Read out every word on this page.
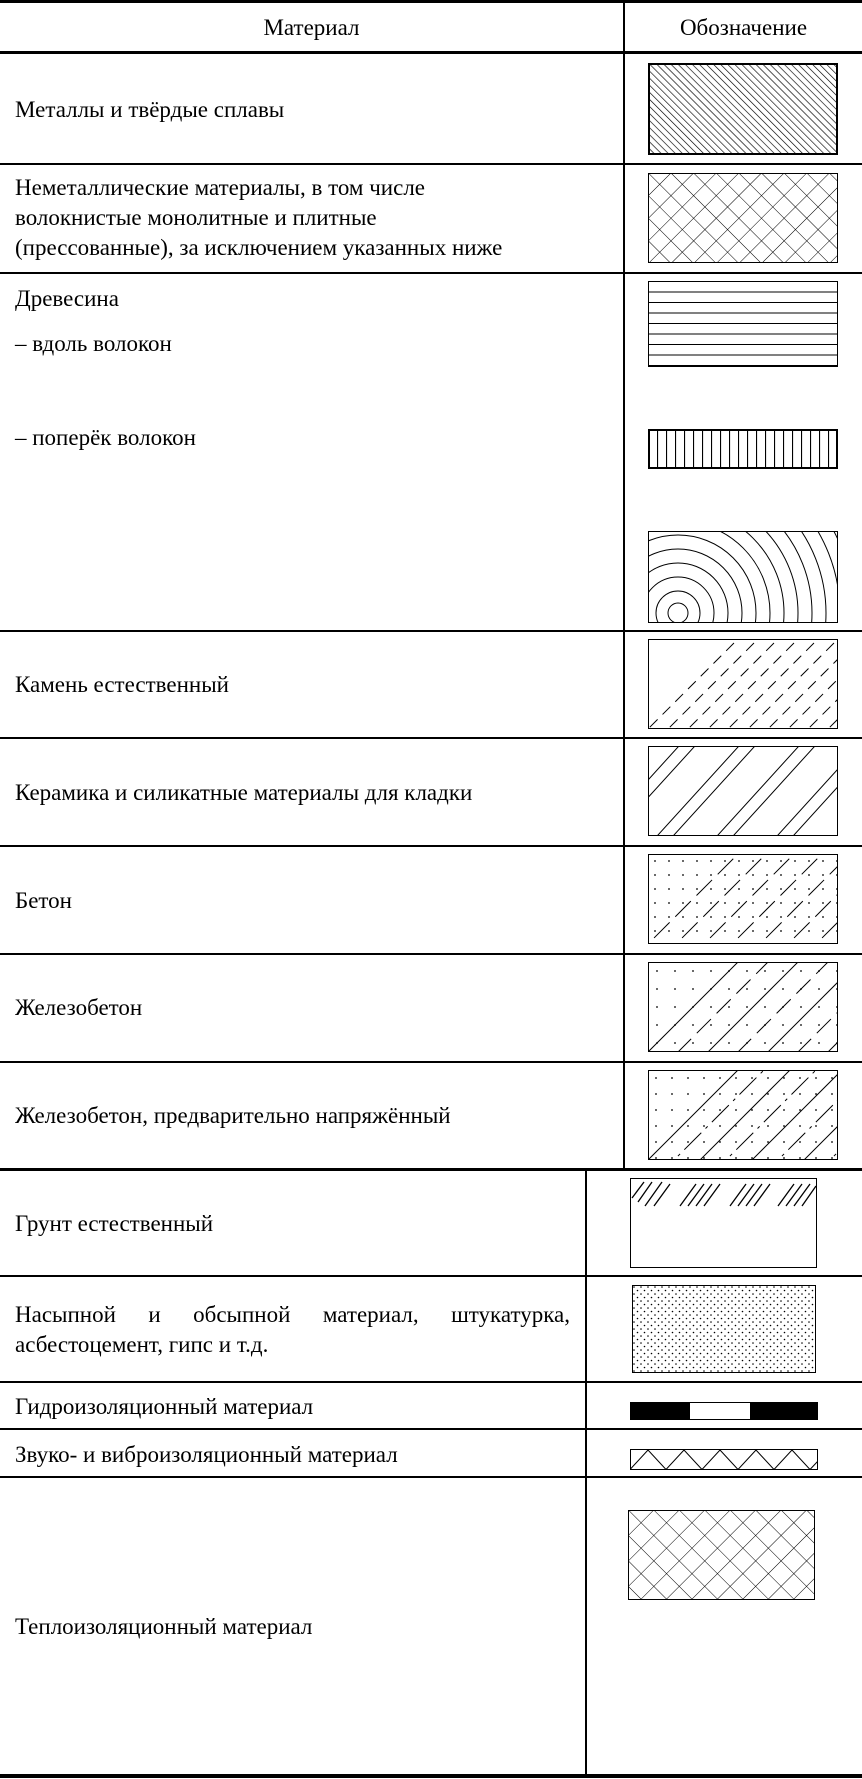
Материал	Обозначение
Металлы и твёрдые сплавы
Неметаллические материалы, в том числе
волокнистые монолитные и плитные
(прессованные), за исключением указанных ниже
Древесина
– вдоль волокон
– поперёк волокон
Камень естественный
Керамика и силикатные материалы для кладки
Бетон
Железобетон
Железобетон, предварительно напряжённый
Грунт естественный
Насыпной и обсыпной материал, штукатурка, асбестоцемент, гипс и т.д.
Гидроизоляционный материал
Звуко- и виброизоляционный материал
Теплоизоляционный материал
